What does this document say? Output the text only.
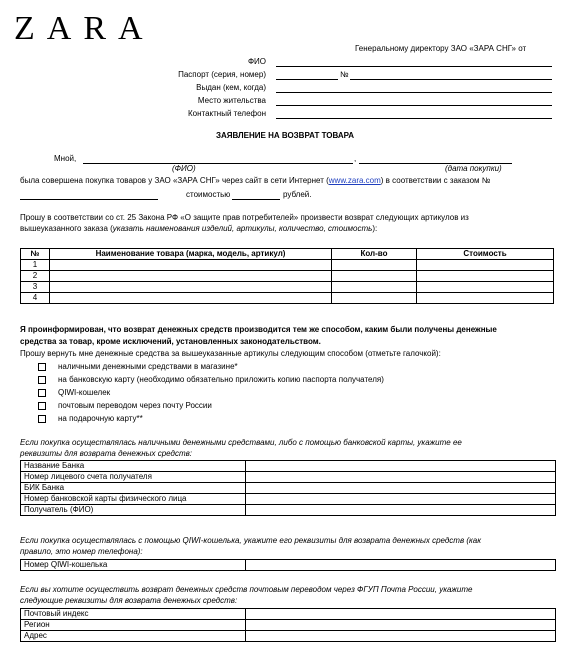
ZARA
Генеральному директору ЗАО «ЗАРА СНГ» от
ФИО
Паспорт (серия, номер)	№
Выдан (кем, когда)
Место жительства
Контактный телефон
ЗАЯВЛЕНИЕ НА ВОЗВРАТ ТОВАРА
Мной,	,
(ФИО)	(дата покупки)
была совершена покупка товаров у ЗАО «ЗАРА СНГ» через сайт в сети Интернет (www.zara.com) в соответствии с заказом №
стоимостью	рублей.
Прошу в соответствии со ст. 25 Закона РФ «О защите прав потребителей» произвести возврат следующих артикулов из
вышеуказанного заказа (указать наименования изделий, артикулы, количество, стоимость):
№	Наименование товара (марка, модель, артикул)	Кол-во	Стоимость
1			
2			
3			
4			
Я проинформирован, что возврат денежных средств производится тем же способом, каким были получены денежные
средства за товар, кроме исключений, установленных законодательством.
Прошу вернуть мне денежные средства за вышеуказанные артикулы следующим способом (отметьте галочкой):
наличными денежными средствами в магазине*
на банковскую карту (необходимо обязательно приложить копию паспорта получателя)
QIWI-кошелек
почтовым переводом через почту России
на подарочную карту**
Если покупка осуществлялась наличными денежными средствами, либо с помощью банковской карты, укажите ее
реквизиты для возврата денежных средств:
Название Банка	
Номер лицевого счета получателя	
БИК Банка	
Номер банковской карты физического лица	
Получатель (ФИО)	
Если покупка осуществлялась с помощью QIWI-кошелька, укажите его реквизиты для возврата денежных средств (как
правило, это номер телефона):
Номер QIWI-кошелька	
Если вы хотите осуществить возврат денежных средств почтовым переводом через ФГУП Почта России, укажите
следующие реквизиты для возврата денежных средств:
Почтовый индекс	
Регион	
Адрес	
